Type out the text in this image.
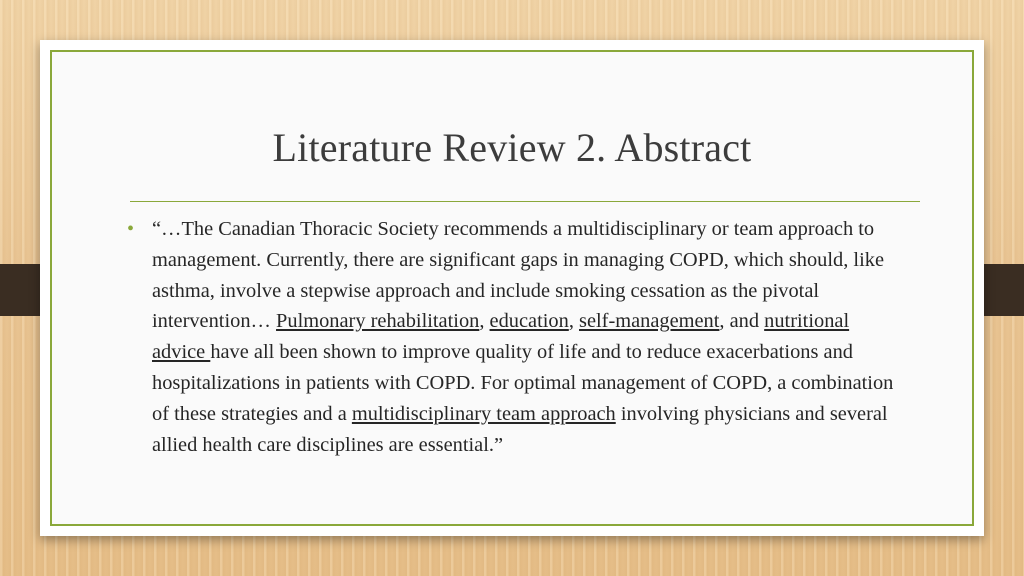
Literature Review 2. Abstract
• “…The Canadian Thoracic Society recommends a multidisciplinary or team approach to management. Currently, there are significant gaps in managing COPD, which should, like asthma, involve a stepwise approach and include smoking cessation as the pivotal intervention… Pulmonary rehabilitation, education, self-management, and nutritional advice have all been shown to improve quality of life and to reduce exacerbations and hospitalizations in patients with COPD. For optimal management of COPD, a combination of these strategies and a multidisciplinary team approach involving physicians and several allied health care disciplines are essential.”
